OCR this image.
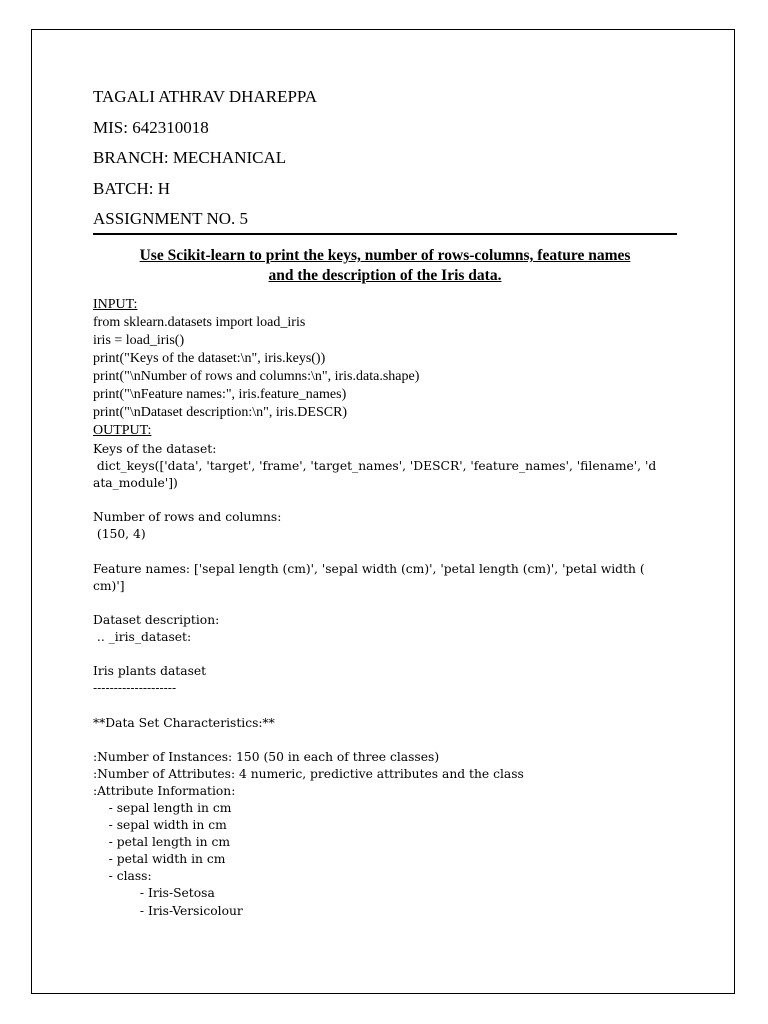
TAGALI ATHRAV DHAREPPA
MIS: 642310018
BRANCH: MECHANICAL
BATCH: H
ASSIGNMENT NO. 5
Use Scikit-learn to print the keys, number of rows-columns, feature names
and the description of the Iris data.
INPUT:
from sklearn.datasets import load_iris
iris = load_iris()
print("Keys of the dataset:\n", iris.keys())
print("\nNumber of rows and columns:\n", iris.data.shape)
print("\nFeature names:", iris.feature_names)
print("\nDataset description:\n", iris.DESCR)
OUTPUT:
Keys of the dataset:
dict_keys(['data', 'target', 'frame', 'target_names', 'DESCR', 'feature_names', 'filename', 'd
ata_module'])
Number of rows and columns:
(150, 4)
Feature names: ['sepal length (cm)', 'sepal width (cm)', 'petal length (cm)', 'petal width (
cm)']
Dataset description:
.. _iris_dataset:
Iris plants dataset
--------------------
**Data Set Characteristics:**
:Number of Instances: 150 (50 in each of three classes)
:Number of Attributes: 4 numeric, predictive attributes and the class
:Attribute Information:
- sepal length in cm
- sepal width in cm
- petal length in cm
- petal width in cm
- class:
- Iris-Setosa
- Iris-Versicolour
